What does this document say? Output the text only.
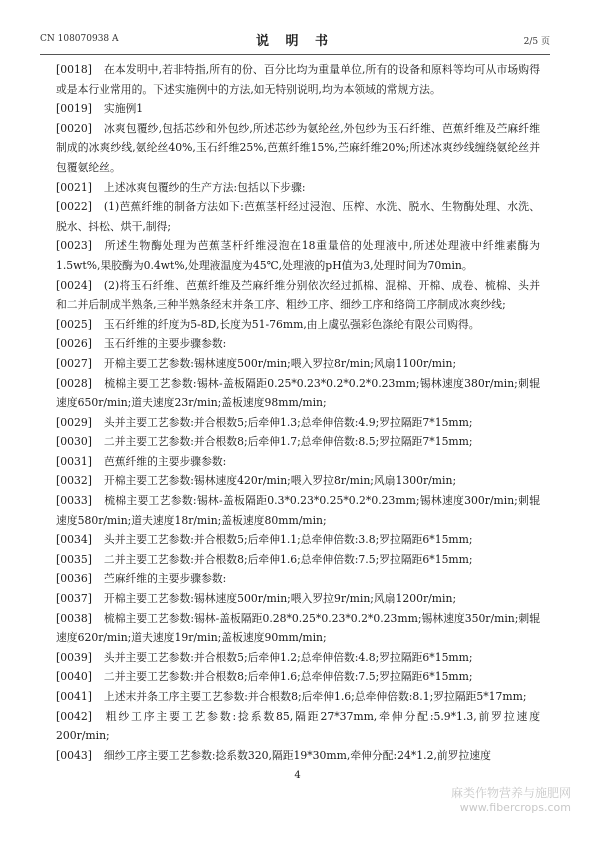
CN 108070938 A	说 明 书	2/5 页

[0018] 在本发明中,若非特指,所有的份、百分比均为重量单位,所有的设备和原料等均可从市场购得或是本行业常用的。下述实施例中的方法,如无特别说明,均为本领域的常规方法。

[0019] 实施例1

[0020] 冰爽包覆纱,包括芯纱和外包纱,所述芯纱为氨纶丝,外包纱为玉石纤维、芭蕉纤维及苎麻纤维制成的冰爽纱线,氨纶丝40%,玉石纤维25%,芭蕉纤维15%,苎麻纤维20%;所述冰爽纱线缠绕氨纶丝并包覆氨纶丝。

[0021] 上述冰爽包覆纱的生产方法:包括以下步骤:

[0022] (1)芭蕉纤维的制备方法如下:芭蕉茎杆经过浸泡、压榨、水洗、脱水、生物酶处理、水洗、脱水、抖松、烘干,制得;

[0023] 所述生物酶处理为芭蕉茎杆纤维浸泡在18重量倍的处理液中,所述处理液中纤维素酶为1.5wt%,果胶酶为0.4wt%,处理液温度为45℃,处理液的pH值为3,处理时间为70min。

[0024] (2)将玉石纤维、芭蕉纤维及苎麻纤维分别依次经过抓棉、混棉、开棉、成卷、梳棉、头并和二并后制成半熟条,三种半熟条经末并条工序、粗纱工序、细纱工序和络筒工序制成冰爽纱线;

[0025] 玉石纤维的纤度为5-8D,长度为51-76mm,由上虞弘强彩色涤纶有限公司购得。

[0026] 玉石纤维的主要步骤参数:

[0027] 开棉主要工艺参数:锡林速度500r/min;喂入罗拉8r/min;风扇1100r/min;

[0028] 梳棉主要工艺参数:锡林-盖板隔距0.25*0.23*0.2*0.2*0.23mm;锡林速度380r/min;刺辊速度650r/min;道夫速度23r/min;盖板速度98mm/min;

[0029] 头并主要工艺参数:并合根数5;后牵伸1.3;总牵伸倍数:4.9;罗拉隔距7*15mm;

[0030] 二并主要工艺参数:并合根数8;后牵伸1.7;总牵伸倍数:8.5;罗拉隔距7*15mm;

[0031] 芭蕉纤维的主要步骤参数:

[0032] 开棉主要工艺参数:锡林速度420r/min;喂入罗拉8r/min;风扇1300r/min;

[0033] 梳棉主要工艺参数:锡林-盖板隔距0.3*0.23*0.25*0.2*0.23mm;锡林速度300r/min;刺辊速度580r/min;道夫速度18r/min;盖板速度80mm/min;

[0034] 头并主要工艺参数:并合根数5;后牵伸1.1;总牵伸倍数:3.8;罗拉隔距6*15mm;

[0035] 二并主要工艺参数:并合根数8;后牵伸1.6;总牵伸倍数:7.5;罗拉隔距6*15mm;

[0036] 苎麻纤维的主要步骤参数:

[0037] 开棉主要工艺参数:锡林速度500r/min;喂入罗拉9r/min;风扇1200r/min;

[0038] 梳棉主要工艺参数:锡林-盖板隔距0.28*0.25*0.23*0.2*0.23mm;锡林速度350r/min;刺辊速度620r/min;道夫速度19r/min;盖板速度90mm/min;

[0039] 头并主要工艺参数:并合根数5;后牵伸1.2;总牵伸倍数:4.8;罗拉隔距6*15mm;

[0040] 二并主要工艺参数:并合根数8;后牵伸1.6;总牵伸倍数:7.5;罗拉隔距6*15mm;

[0041] 上述末并条工序主要工艺参数:并合根数8;后牵伸1.6;总牵伸倍数:8.1;罗拉隔距5*17mm;

[0042] 粗纱工序主要工艺参数:捻系数85,隔距27*37mm,牵伸分配:5.9*1.3,前罗拉速度200r/min;

[0043] 细纱工序主要工艺参数:捻系数320,隔距19*30mm,牵伸分配:24*1.2,前罗拉速度

4
麻类作物营养与施肥网
www.fibercrops.com
